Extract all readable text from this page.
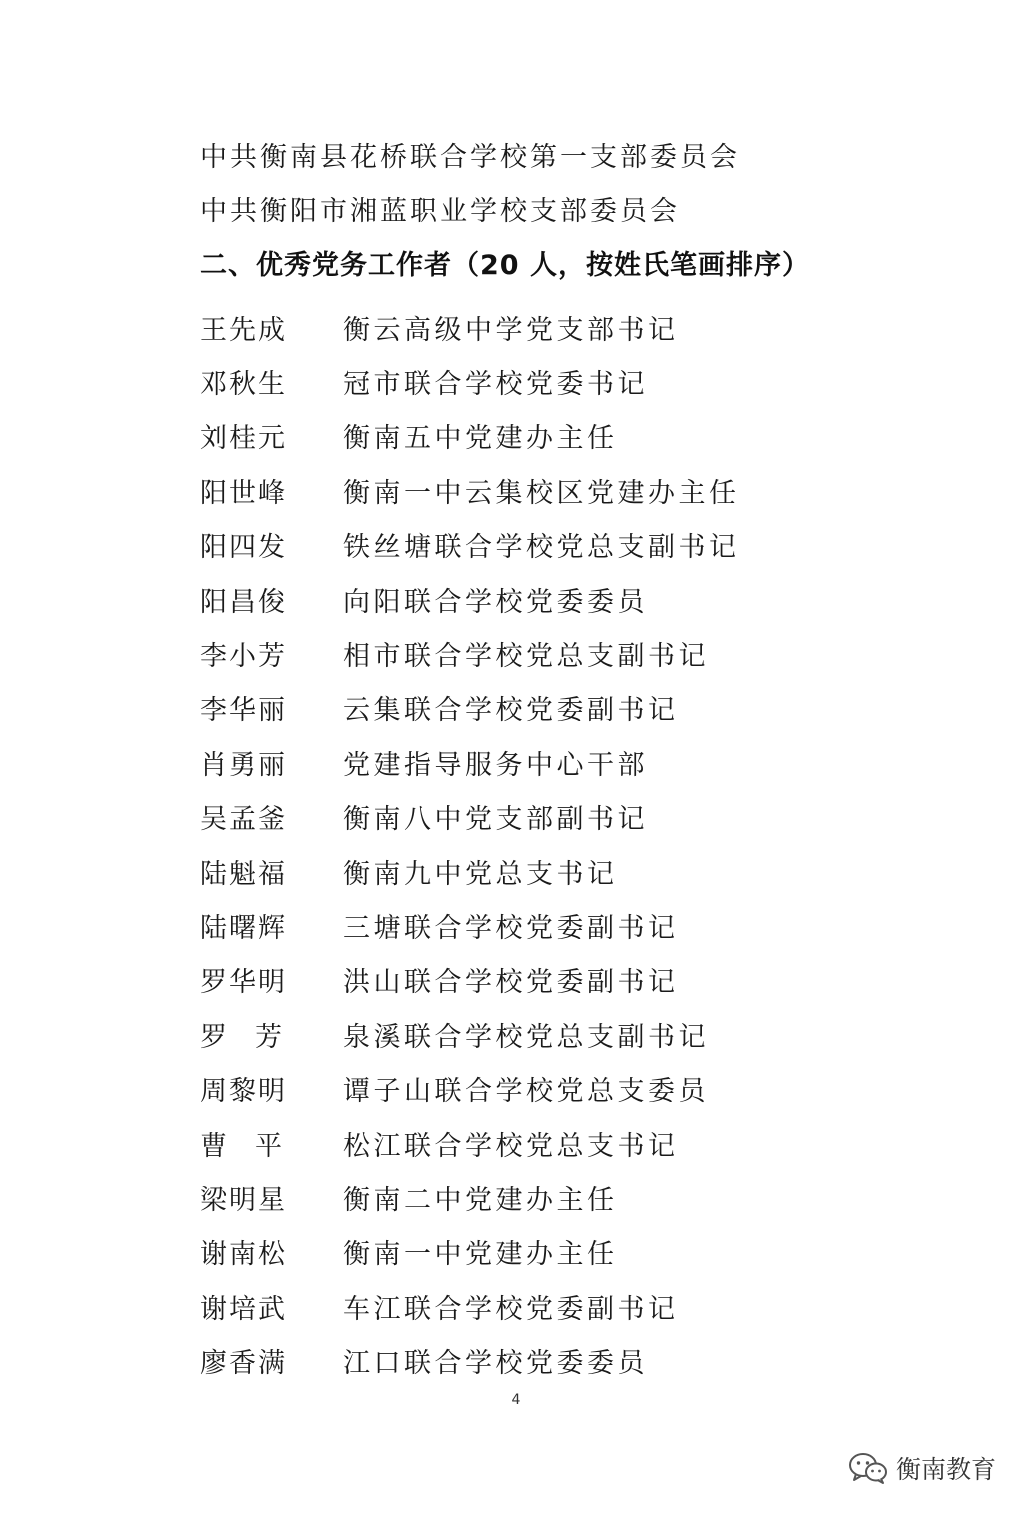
中共衡南县花桥联合学校第一支部委员会
中共衡阳市湘蓝职业学校支部委员会
二、优秀党务工作者（20 人，按姓氏笔画排序）
王先成	衡云高级中学党支部书记
邓秋生	冠市联合学校党委书记
刘桂元	衡南五中党建办主任
阳世峰	衡南一中云集校区党建办主任
阳四发	铁丝塘联合学校党总支副书记
阳昌俊	向阳联合学校党委委员
李小芳	相市联合学校党总支副书记
李华丽	云集联合学校党委副书记
肖勇丽	党建指导服务中心干部
吴孟釜	衡南八中党支部副书记
陆魁福	衡南九中党总支书记
陆曙辉	三塘联合学校党委副书记
罗华明	洪山联合学校党委副书记
罗芳	泉溪联合学校党总支副书记
周黎明	谭子山联合学校党总支委员
曹平	松江联合学校党总支书记
梁明星	衡南二中党建办主任
谢南松	衡南一中党建办主任
谢培武	车江联合学校党委副书记
廖香满	江口联合学校党委委员
4
衡南教育
